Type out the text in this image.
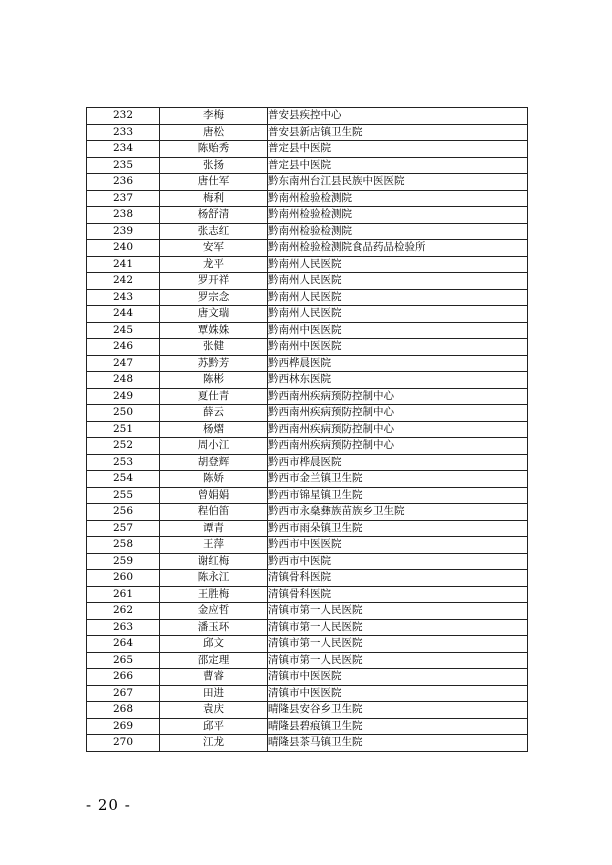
232	李梅	普安县疾控中心
233	唐松	普安县新店镇卫生院
234	陈贻秀	普定县中医院
235	张扬	普定县中医院
236	唐仕军	黔东南州台江县民族中医医院
237	梅利	黔南州检验检测院
238	杨舒清	黔南州检验检测院
239	张志红	黔南州检验检测院
240	安军	黔南州检验检测院食品药品检验所
241	龙平	黔南州人民医院
242	罗开祥	黔南州人民医院
243	罗宗念	黔南州人民医院
244	唐文瑞	黔南州人民医院
245	覃姝姝	黔南州中医医院
246	张健	黔南州中医医院
247	苏黔芳	黔西桦晨医院
248	陈彬	黔西林东医院
249	夏仕青	黔西南州疾病预防控制中心
250	薛云	黔西南州疾病预防控制中心
251	杨熠	黔西南州疾病预防控制中心
252	周小江	黔西南州疾病预防控制中心
253	胡登辉	黔西市桦晨医院
254	陈娇	黔西市金兰镇卫生院
255	曾娟娟	黔西市锦星镇卫生院
256	程伯笛	黔西市永燊彝族苗族乡卫生院
257	谭青	黔西市雨朵镇卫生院
258	王萍	黔西市中医医院
259	谢红梅	黔西市中医院
260	陈永江	清镇骨科医院
261	王胜梅	清镇骨科医院
262	金应哲	清镇市第一人民医院
263	潘玉环	清镇市第一人民医院
264	邱文	清镇市第一人民医院
265	邵定理	清镇市第一人民医院
266	曹睿	清镇市中医医院
267	田进	清镇市中医医院
268	袁庆	晴隆县安谷乡卫生院
269	邱平	晴隆县碧痕镇卫生院
270	江龙	晴隆县茶马镇卫生院
- 20 -
